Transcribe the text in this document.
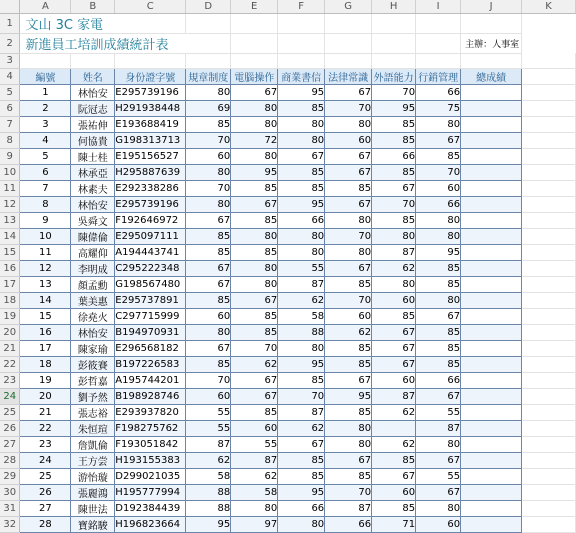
	A	B	C	D	E	F	G	H	I	J	K
1	文山 3C 家電										
2	新進員工培訓成績統計表									主辦：人事室	
3											
4	編號	姓名	身份證字號	規章制度	電腦操作	商業書信	法律常識	外語能力	行銷管理	總成績	
5	1	林怡安	E295739196	80	67	95	67	70	66		
6	2	阮冠志	H291938448	69	80	85	70	95	75		
7	3	張祐伸	E193688419	85	80	80	80	85	80		
8	4	何協貴	G198313713	70	72	80	60	85	67		
9	5	陳士桂	E195156527	60	80	67	67	66	85		
10	6	林承亞	H295887639	80	95	85	67	85	70		
11	7	林素夫	E292338286	70	85	85	85	67	60		
12	8	林怡安	E295739196	80	67	95	67	70	66		
13	9	吳舜文	F192646972	67	85	66	80	85	80		
14	10	陳偉倫	E295097111	85	80	80	70	80	80		
15	11	高耀仰	A194443741	85	85	80	80	87	95		
16	12	李明成	C295222348	67	80	55	67	62	85		
17	13	顏孟勳	G198567480	67	80	87	85	80	85		
18	14	葉美惠	E295737891	85	67	62	70	60	80		
19	15	徐堯火	C297715999	60	85	58	60	85	67		
20	16	林怡安	B194970931	80	85	88	62	67	85		
21	17	陳家瑜	E296568182	67	70	80	85	67	85		
22	18	彭筱賽	B197226583	85	62	95	85	67	85		
23	19	彭哲嘉	A195744201	70	67	85	67	60	66		
24	20	劉予然	B198928746	60	67	70	95	87	67		
25	21	張志裕	E293937820	55	85	87	85	62	55		
26	22	朱恒瑄	F198275762	55	60	62	80		87		
27	23	詹凱倫	F193051842	87	55	67	80	62	80		
28	24	王方尝	H193155383	62	87	85	67	85	67		
29	25	游怡璇	D299021035	58	62	85	85	67	55		
30	26	張麗鴻	H195777994	88	58	95	70	60	67		
31	27	陳世法	D192384439	88	80	66	87	85	80		
32	28	寶銘駿	H196823664	95	97	80	66	71	60		
